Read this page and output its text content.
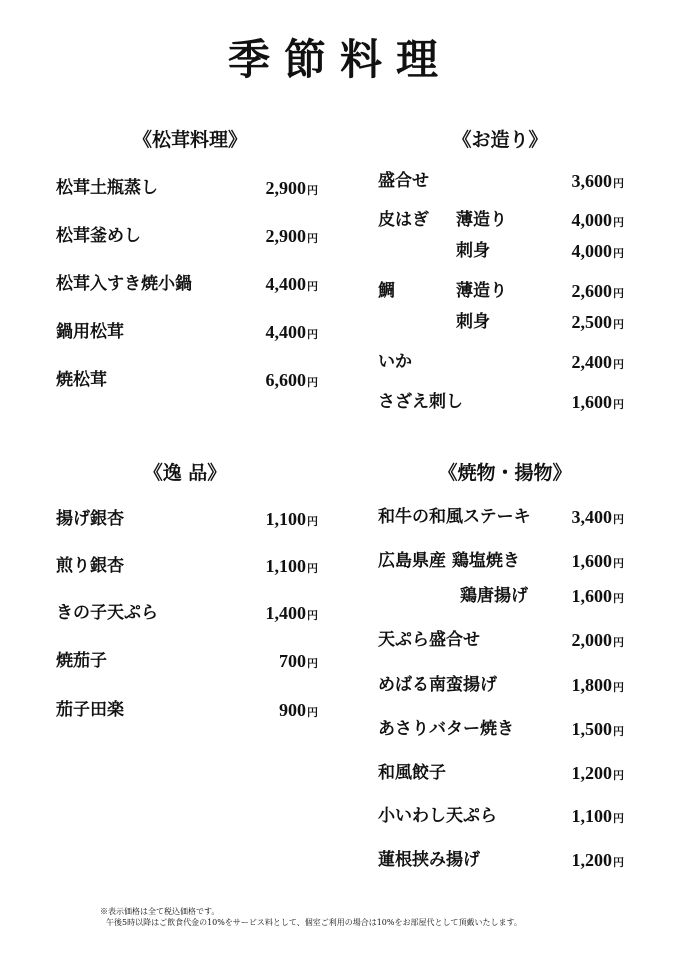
季節料理
《松茸料理》
松茸土瓶蒸し	2,900円
松茸釜めし	2,900円
松茸入すき焼小鍋	4,400円
鍋用松茸	4,400円
焼松茸	6,600円
《お造り》
盛合せ	3,600円
皮はぎ 薄造り	4,000円
刺身	4,000円
鯛	薄造り	2,600円
刺身	2,500円
いか	2,400円
さざえ刺し	1,600円
《逸 品》
揚げ銀杏	1,100円
煎り銀杏	1,100円
きの子天ぷら	1,400円
焼茄子	700円
茄子田楽	900円
《焼物・揚物》
和牛の和風ステーキ 3,400円
広島県産 鶏塩焼き	1,600円
鶏唐揚げ 1,600円
天ぷら盛合せ	2,000円
めばる南蛮揚げ	1,800円
あさりバター焼き	1,500円
和風餃子	1,200円
小いわし天ぷら	1,100円
蓮根挟み揚げ	1,200円
※表示価格は全て税込価格です。
午後5時以降はご飲食代金の10%をサービス料として、個室ご利用の場合は10%をお部屋代として頂戴いたします。
